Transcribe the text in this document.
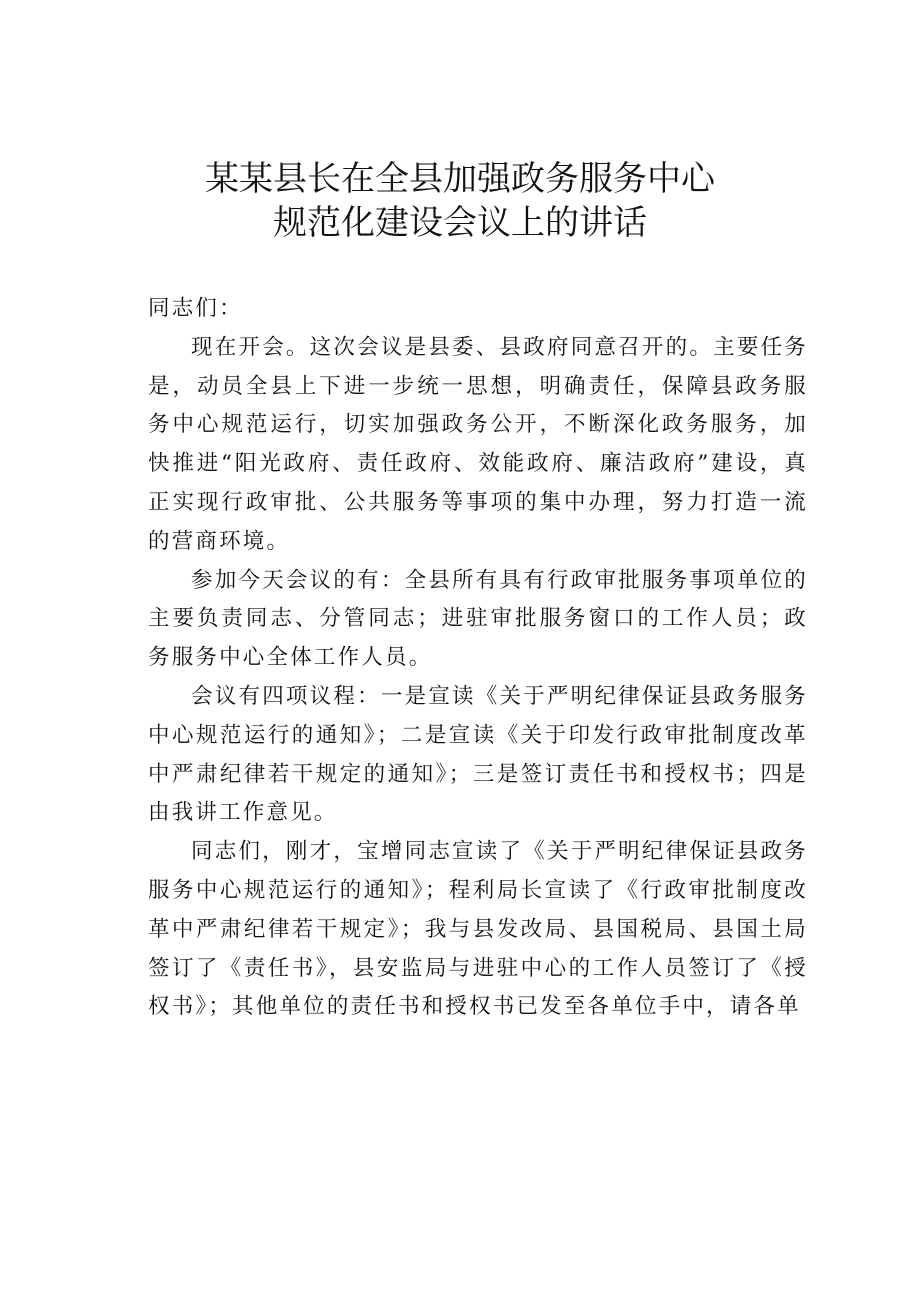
某某县长在全县加强政务服务中心
规范化建设会议上的讲话

同志们：

现在开会。这次会议是县委、县政府同意召开的。主要任务是，动员全县上下进一步统一思想，明确责任，保障县政务服务中心规范运行，切实加强政务公开，不断深化政务服务，加快推进“阳光政府、责任政府、效能政府、廉洁政府”建设，真正实现行政审批、公共服务等事项的集中办理，努力打造一流的营商环境。

参加今天会议的有：全县所有具有行政审批服务事项单位的主要负责同志、分管同志；进驻审批服务窗口的工作人员；政务服务中心全体工作人员。

会议有四项议程：一是宣读《关于严明纪律保证县政务服务中心规范运行的通知》；二是宣读《关于印发行政审批制度改革中严肃纪律若干规定的通知》；三是签订责任书和授权书；四是由我讲工作意见。

同志们，刚才，宝增同志宣读了《关于严明纪律保证县政务服务中心规范运行的通知》；程利局长宣读了《行政审批制度改革中严肃纪律若干规定》；我与县发改局、县国税局、县国土局签订了《责任书》，县安监局与进驻中心的工作人员签订了《授权书》；其他单位的责任书和授权书已发至各单位手中，请各单
